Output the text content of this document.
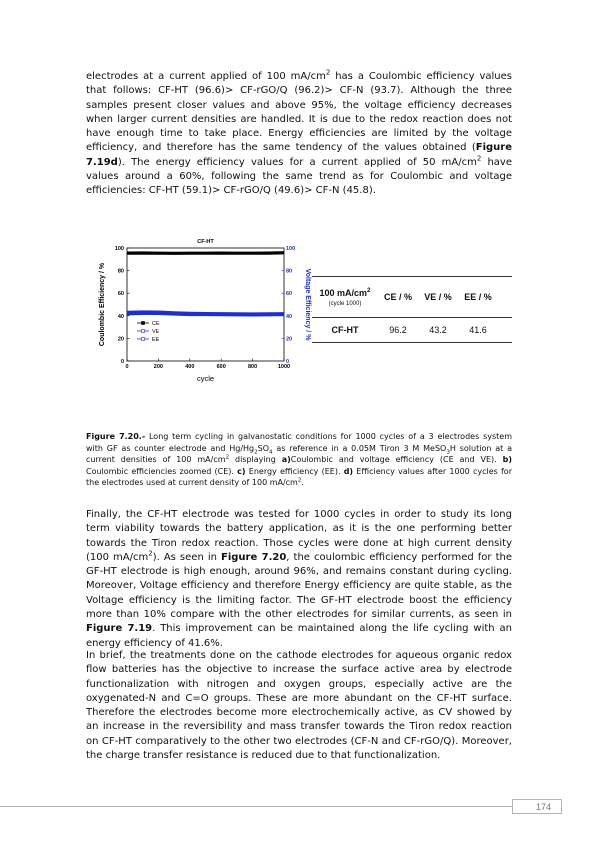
electrodes at a current applied of 100 $mA/cm^2$ has a Coulombic efficiency values that follows: CF-HT (96.6)> CF-rGO/Q (96.2)> CF-N (93.7). Although the three samples present closer values and above 95%, the voltage efficiency decreases when larger current densities are handled. It is due to the redox reaction does not have enough time to take place. Energy efficiencies are limited by the voltage efficiency, and therefore has the same tendency of the values obtained (Figure 7.19d). The energy efficiency values for a current applied of 50 $mA/cm^2$ have values around a 60%, following the same trend as for Coulombic and voltage efficiencies: CF-HT (59.1)> CF-rGO/Q (49.6)> CF-N (45.8).

CF-HT
0	200	400	600	800	1000
0
20
40
60
80
100
0
20
40
60
80
100
cycle
Coulombic Efficiency / %	Voltage Efficiency / %
CE
VE
EE
100 $mA/cm^2$
(cycle 1000)
CE / %	VE / %	EE / %
CF-HT	96.2	43.2	41.6

Figure 7.20.- Long term cycling in galvanostatic conditions for 1000 cycles of a 3 electrodes system with GF as counter electrode and $Hg/Hg_2SO_4$ as reference in a 0.05M Tiron 3 M MeSO$_3$H solution at a current densities of 100 $mA/cm^2$ displaying a)Coulombic and voltage efficiency (CE and VE). b) Coulombic efficiencies zoomed (CE). c) Energy efficiency (EE). d) Efficiency values after 1000 cycles for the electrodes used at current density of 100 $mA/cm^2$.

Finally, the CF-HT electrode was tested for 1000 cycles in order to study its long term viability towards the battery application, as it is the one performing better towards the Tiron redox reaction. Those cycles were done at high current density (100 $mA/cm^2$). As seen in Figure 7.20, the coulombic efficiency performed for the GF-HT electrode is high enough, around 96%, and remains constant during cycling. Moreover, Voltage efficiency and therefore Energy efficiency are quite stable, as the Voltage efficiency is the limiting factor. The GF-HT electrode boost the efficiency more than 10% compare with the other electrodes for similar currents, as seen in Figure 7.19. This improvement can be maintained along the life cycling with an energy efficiency of 41.6%.

In brief, the treatments done on the cathode electrodes for aqueous organic redox flow batteries has the objective to increase the surface active area by electrode functionalization with nitrogen and oxygen groups, especially active are the oxygenated-N and C=O groups. These are more abundant on the CF-HT surface. Therefore the electrodes become more electrochemically active, as CV showed by an increase in the reversibility and mass transfer towards the Tiron redox reaction on CF-HT comparatively to the other two electrodes (CF-N and CF-rGO/Q). Moreover, the charge transfer resistance is reduced due to that functionalization.

174
